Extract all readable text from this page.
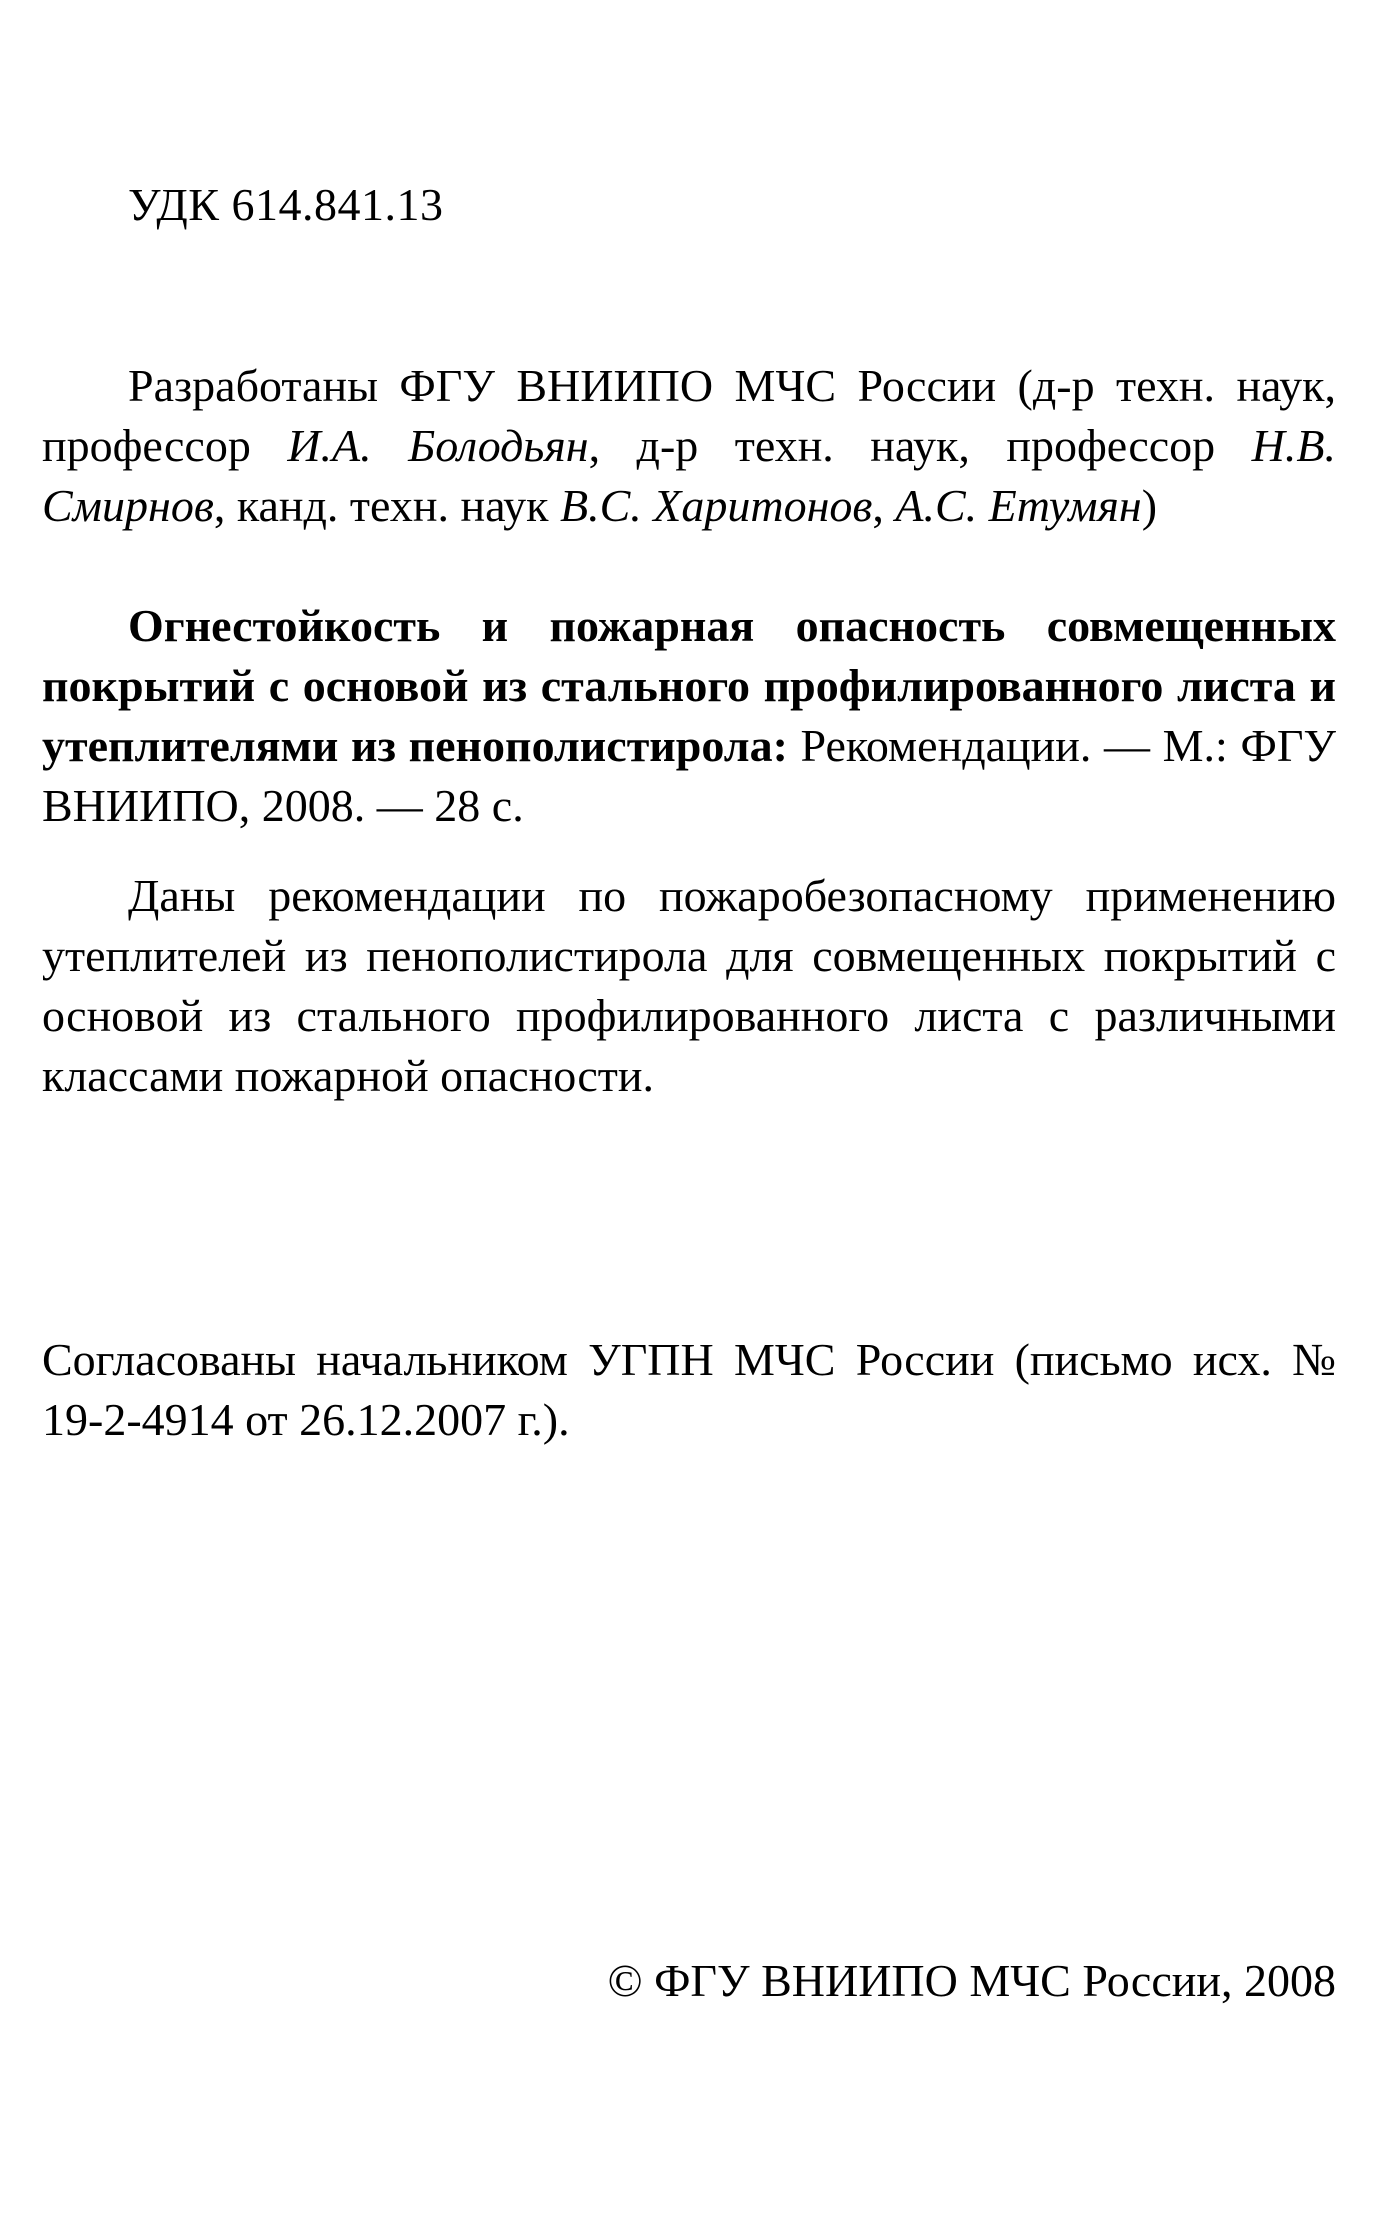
УДК 614.841.13

Разработаны ФГУ ВНИИПО МЧС России (д-р техн. наук, профессор И.А. Болодьян, д-р техн. наук, профессор Н.В. Смирнов, канд. техн. наук В.С. Харитонов, А.С. Етумян)

Огнестойкость и пожарная опасность совмещенных покрытий с основой из стального профилированного листа и утеплителями из пенополистирола: Рекомендации. — М.: ФГУ ВНИИПО, 2008. — 28 с.

Даны рекомендации по пожаробезопасному применению утеплителей из пенополистирола для совмещенных покрытий с основой из стального профилированного листа с различными классами пожарной опасности.

Согласованы начальником УГПН МЧС России (письмо исх. № 19-2-4914 от 26.12.2007 г.).

© ФГУ ВНИИПО МЧС России, 2008
